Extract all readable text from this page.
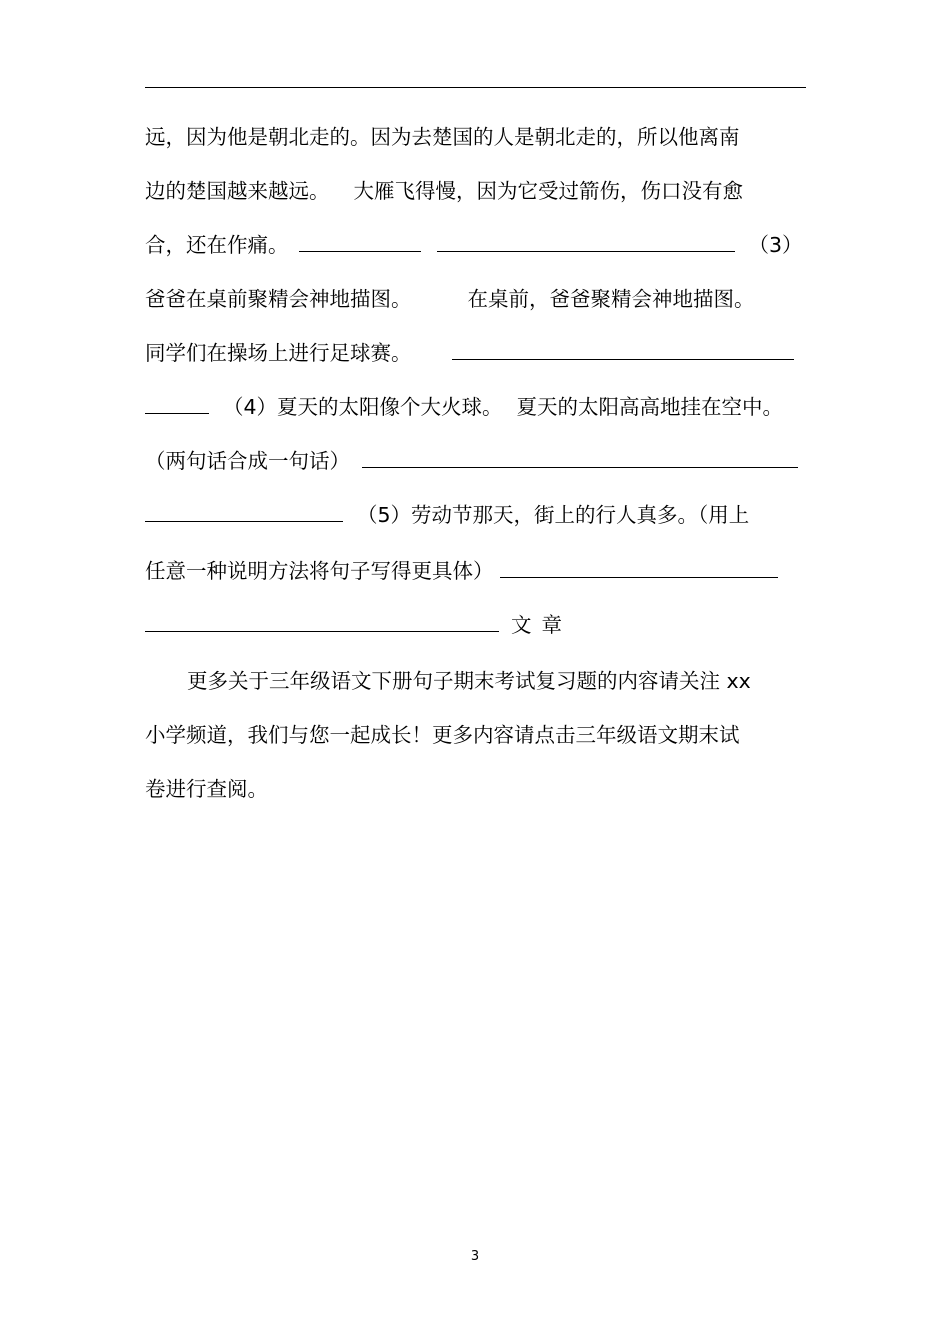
远，因为他是朝北走的。因为去楚国的人是朝北走的，所以他离南
边的楚国越来越远。 大雁飞得慢，因为它受过箭伤，伤口没有愈
合，还在作痛。	（3）
爸爸在桌前聚精会神地描图。	在桌前，爸爸聚精会神地描图。
同学们在操场上进行足球赛。
（4）夏天的太阳像个大火球。 夏天的太阳高高地挂在空中。
（两句话合成一句话）
（5）劳动节那天，街上的行人真多。（用上
任意一种说明方法将句子写得更具体）
文章
更多关于三年级语文下册句子期末考试复习题的内容请关注 xx
小学频道，我们与您一起成长！更多内容请点击三年级语文期末试
卷进行查阅。
3
